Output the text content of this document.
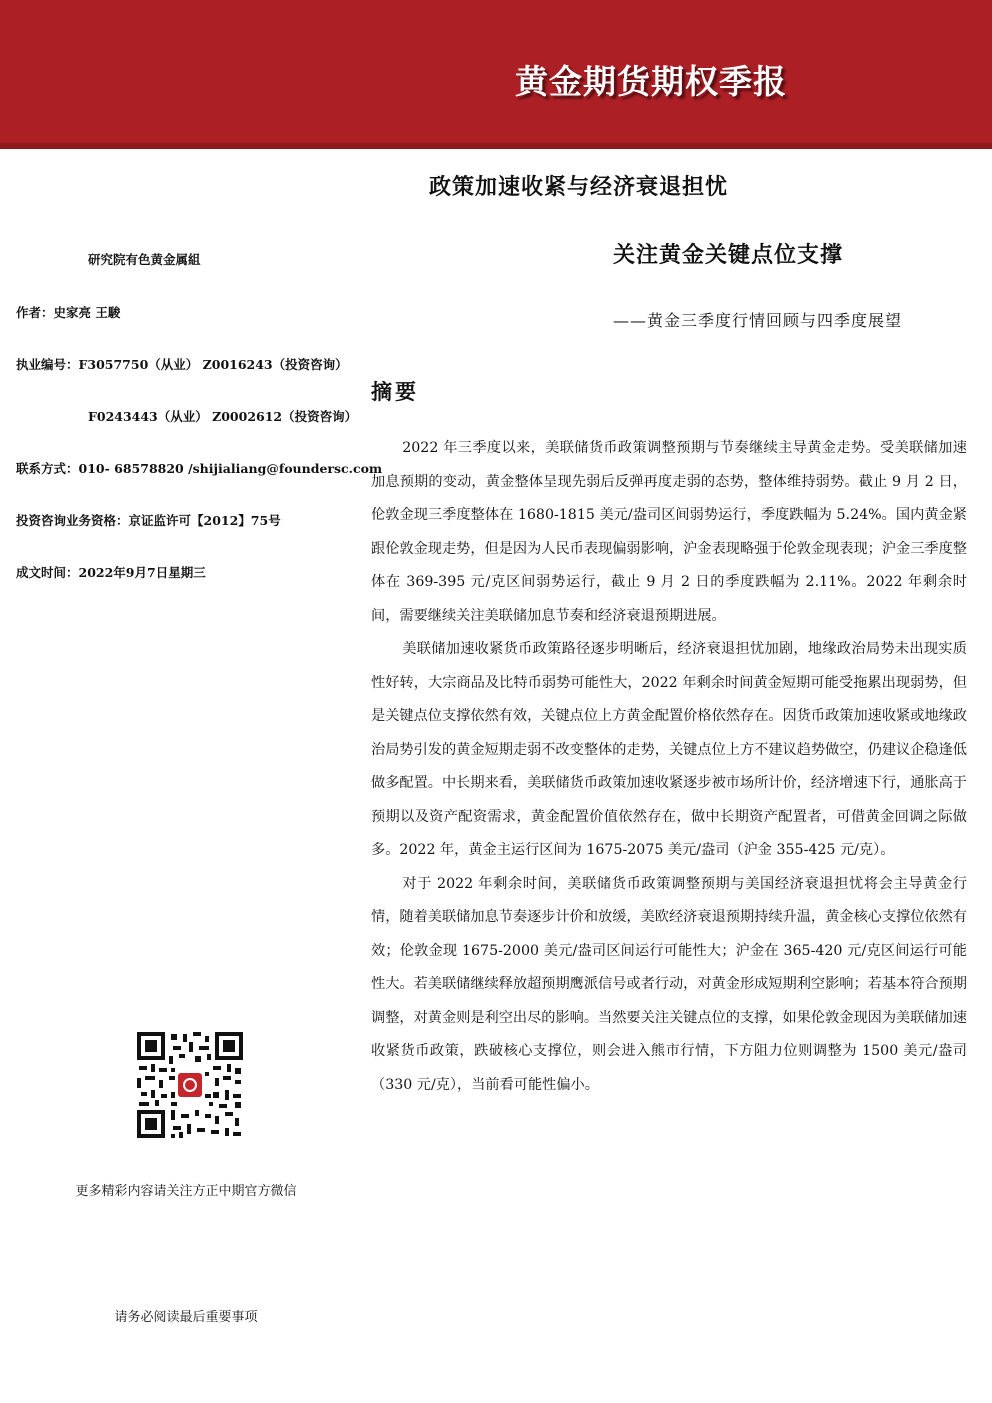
黄金期货期权季报
政策加速收紧与经济衰退担忧
关注黄金关键点位支撑
——黄金三季度行情回顾与四季度展望
研究院有色黄金属組
作者：史家亮 王駿
执业编号：F3057750（从业） Z0016243（投资咨询）
F0243443（从业） Z0002612（投资咨询）
联系方式：010- 68578820 /shijialiang@foundersc.com
投资咨询业务资格：京证监许可【2012】75号
成文时间：2022年9月7日星期三
更多精彩内容请关注方正中期官方微信
请务必阅读最后重要事项
摘要

2022 年三季度以来，美联储货币政策调整预期与节奏继续主导黄金走势。受美联储加速加息预期的变动，黄金整体呈现先弱后反弹再度走弱的态势，整体维持弱势。截止 9 月 2 日，伦敦金现三季度整体在 1680-1815 美元/盎司区间弱势运行，季度跌幅为 5.24%。国内黄金紧跟伦敦金现走势，但是因为人民币表现偏弱影响，沪金表现略强于伦敦金现表现；沪金三季度整体在 369-395 元/克区间弱势运行，截止 9 月 2 日的季度跌幅为 2.11%。2022 年剩余时间，需要继续关注美联储加息节奏和经济衰退预期进展。

美联储加速收紧货币政策路径逐步明晰后，经济衰退担忧加剧，地缘政治局势未出现实质性好转，大宗商品及比特币弱势可能性大，2022 年剩余时间黄金短期可能受拖累出现弱势，但是关键点位支撑依然有效，关键点位上方黄金配置价格依然存在。因货币政策加速收紧或地缘政治局势引发的黄金短期走弱不改变整体的走势，关键点位上方不建议趋势做空，仍建议企稳逢低做多配置。中长期来看，美联储货币政策加速收紧逐步被市场所计价，经济增速下行，通胀高于预期以及资产配资需求，黄金配置价值依然存在，做中长期资产配置者，可借黄金回调之际做多。2022 年，黄金主运行区间为 1675-2075 美元/盎司（沪金 355-425 元/克）。

对于 2022 年剩余时间，美联储货币政策调整预期与美国经济衰退担忧将会主导黄金行情，随着美联储加息节奏逐步计价和放缓，美欧经济衰退预期持续升温，黄金核心支撑位依然有效；伦敦金现 1675-2000 美元/盎司区间运行可能性大；沪金在 365-420 元/克区间运行可能性大。若美联储继续释放超预期鹰派信号或者行动，对黄金形成短期利空影响；若基本符合预期调整，对黄金则是利空出尽的影响。当然要关注关键点位的支撑，如果伦敦金现因为美联储加速收紧货币政策，跌破核心支撑位，则会进入熊市行情，下方阻力位则调整为 1500 美元/盎司（330 元/克），当前看可能性偏小。
